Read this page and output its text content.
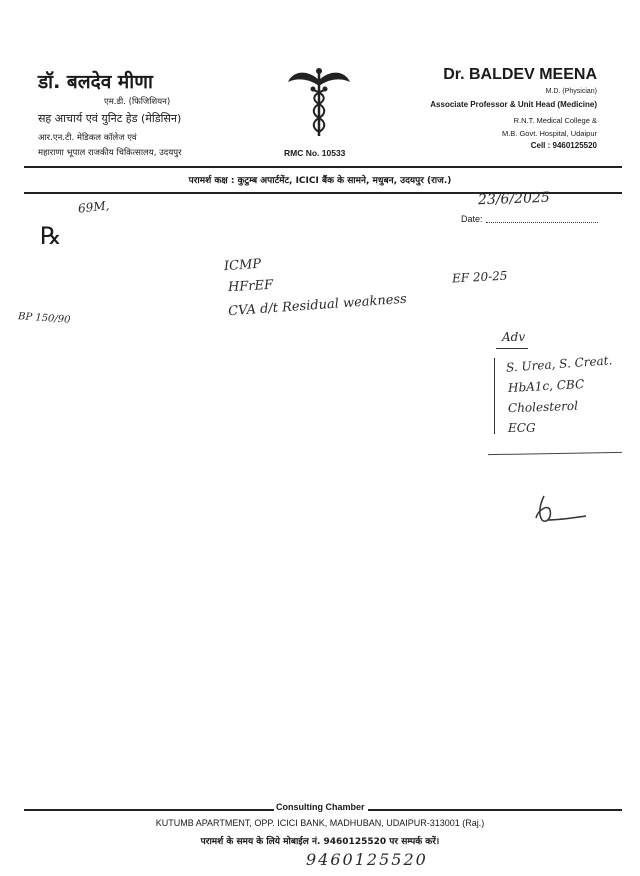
डॉ. बलदेव मीणा
एम.डी. (फिजिशियन)
सह आचार्य एवं युनिट हेड (मेडिसिन)
आर.एन.टी. मेडिकल कॉलेज एवं
महाराणा भूपाल राजकीय चिकित्सालय, उदयपुर	RMC No. 10533
Dr. BALDEV MEENA
M.D. (Physician)
Associate Professor & Unit Head (Medicine)
R.N.T. Medical College &
M.B. Govt. Hospital, Udaipur
Cell : 9460125520
परामर्श कक्ष : कुटुम्ब अपार्टमेंट, ICICI बैंक के सामने, मधुबन, उदयपुर (राज.)
Date:
23/6/2025
℞
69M,
BP 150/90
ICMP
HFrEF
CVA d/t Residual weakness
EF 20-25
Adv
S. Urea, S. Creat.
HbA1c, CBC
Cholesterol
ECG
Consulting Chamber
KUTUMB APARTMENT, OPP. ICICI BANK, MADHUBAN, UDAIPUR-313001 (Raj.)
परामर्श के समय के लिये मोबाईल नं. 9460125520 पर सम्पर्क करें।
9460125520
